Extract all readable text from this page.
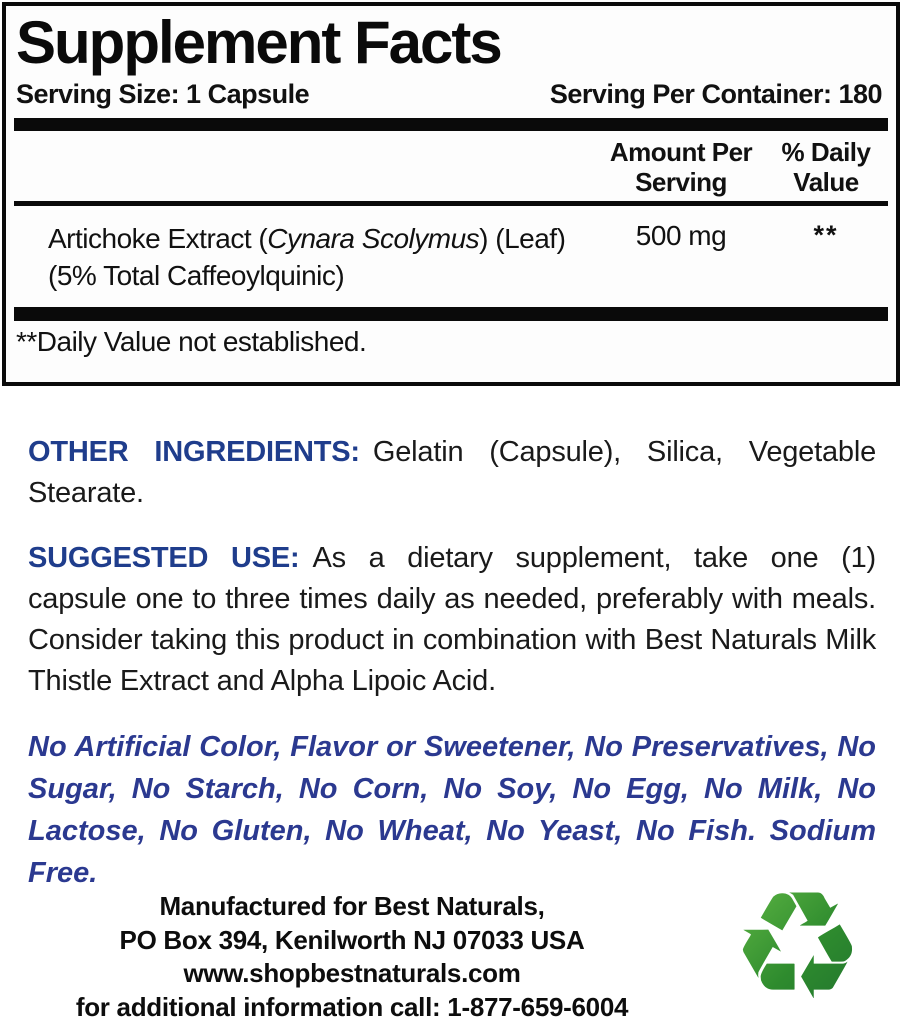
Supplement Facts
Serving Size: 1 Capsule	Serving Per Container: 180
Amount Per
Serving
% Daily
Value
Artichoke Extract (Cynara Scolymus) (Leaf)
(5% Total Caffeoylquinic)
500 mg	**
**Daily Value not established.

OTHER INGREDIENTS: Gelatin (Capsule), Silica, Vegetable Stearate.

SUGGESTED USE: As a dietary supplement, take one (1) capsule one to three times daily as needed, preferably with meals. Consider taking this product in combination with Best Naturals Milk Thistle Extract and Alpha Lipoic Acid.

No Artificial Color, Flavor or Sweetener, No Preservatives, No Sugar, No Starch, No Corn, No Soy, No Egg, No Milk, No Lactose, No Gluten, No Wheat, No Yeast, No Fish. Sodium Free.

Manufactured for Best Naturals,
PO Box 394, Kenilworth NJ 07033 USA
www.shopbestnaturals.com
for additional information call: 1-877-659-6004 ♻
